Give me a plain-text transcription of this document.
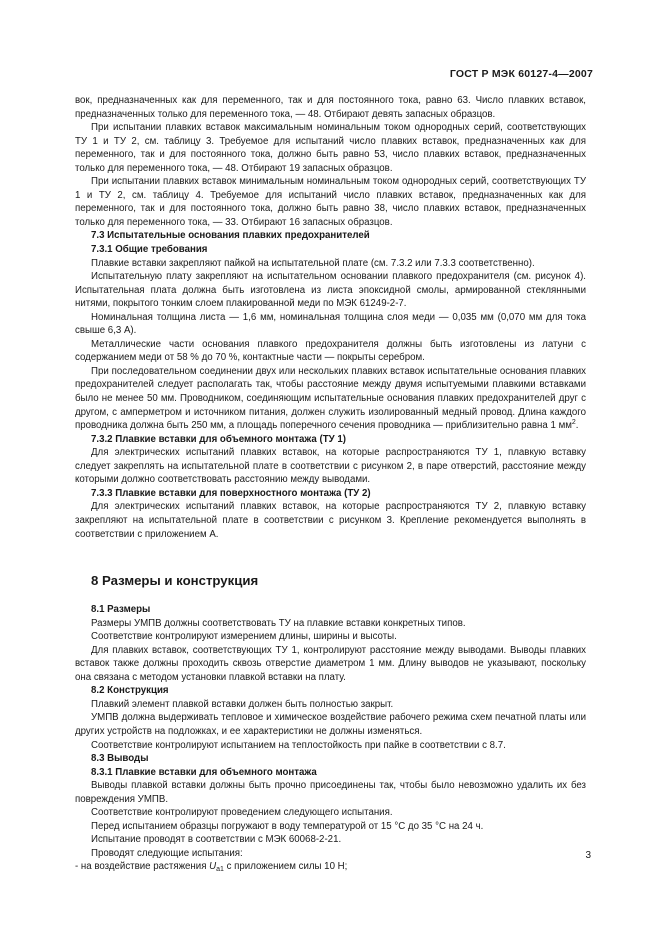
ГОСТ Р МЭК 60127-4—2007

вок, предназначенных как для переменного, так и для постоянного тока, равно 63. Число плавких вставок, предназначенных только для переменного тока, — 48. Отбирают девять запасных образцов.

При испытании плавких вставок максимальным номинальным током однородных серий, соответствующих ТУ 1 и ТУ 2, см. таблицу 3. Требуемое для испытаний число плавких вставок, предназначенных как для переменного, так и для постоянного тока, должно быть равно 53, число плавких вставок, предназначенных только для переменного тока, — 48. Отбирают 19 запасных образцов.

При испытании плавких вставок минимальным номинальным током однородных серий, соответствующих ТУ 1 и ТУ 2, см. таблицу 4. Требуемое для испытаний число плавких вставок, предназначенных как для переменного, так и для постоянного тока, должно быть равно 38, число плавких вставок, предназначенных только для переменного тока, — 33. Отбирают 16 запасных образцов.

7.3 Испытательные основания плавких предохранителей

7.3.1 Общие требования

Плавкие вставки закрепляют пайкой на испытательной плате (см. 7.3.2 или 7.3.3 соответственно).

Испытательную плату закрепляют на испытательном основании плавкого предохранителя (см. рисунок 4). Испытательная плата должна быть изготовлена из листа эпоксидной смолы, армированной стеклянными нитями, покрытого тонким слоем плакированной меди по МЭК 61249-2-7.

Номинальная толщина листа — 1,6 мм, номинальная толщина слоя меди — 0,035 мм (0,070 мм для тока свыше 6,3 А).

Металлические части основания плавкого предохранителя должны быть изготовлены из латуни с содержанием меди от 58 % до 70 %, контактные части — покрыты серебром.

При последовательном соединении двух или нескольких плавких вставок испытательные основания плавких предохранителей следует располагать так, чтобы расстояние между двумя испытуемыми плавкими вставками было не менее 50 мм. Проводником, соединяющим испытательные основания плавких предохранителей друг с другом, с амперметром и источником питания, должен служить изолированный медный провод. Длина каждого проводника должна быть 250 мм, а площадь поперечного сечения проводника — приблизительно равна 1 $мм^2$.

7.3.2 Плавкие вставки для объемного монтажа (ТУ 1)

Для электрических испытаний плавких вставок, на которые распространяются ТУ 1, плавкую вставку следует закреплять на испытательной плате в соответствии с рисунком 2, в паре отверстий, расстояние между которыми должно соответствовать расстоянию между выводами.

7.3.3 Плавкие вставки для поверхностного монтажа (ТУ 2)

Для электрических испытаний плавких вставок, на которые распространяются ТУ 2, плавкую вставку закрепляют на испытательной плате в соответствии с рисунком 3. Крепление рекомендуется выполнять в соответствии с приложением А.

8 Размеры и конструкция

8.1 Размеры

Размеры УМПВ должны соответствовать ТУ на плавкие вставки конкретных типов.

Соответствие контролируют измерением длины, ширины и высоты.

Для плавких вставок, соответствующих ТУ 1, контролируют расстояние между выводами. Выводы плавких вставок также должны проходить сквозь отверстие диаметром 1 мм. Длину выводов не указывают, поскольку она связана с методом установки плавкой вставки на плату.

8.2 Конструкция

Плавкий элемент плавкой вставки должен быть полностью закрыт.

УМПВ должна выдерживать тепловое и химическое воздействие рабочего режима схем печатной платы или других устройств на подложках, и ее характеристики не должны изменяться.

Соответствие контролируют испытанием на теплостойкость при пайке в соответствии с 8.7.

8.3 Выводы

8.3.1 Плавкие вставки для объемного монтажа

Выводы плавкой вставки должны быть прочно присоединены так, чтобы было невозможно удалить их без повреждения УМПВ.

Соответствие контролируют проведением следующего испытания.

Перед испытанием образцы погружают в воду температурой от 15 °С до 35 °С на 24 ч.

Испытание проводят в соответствии с МЭК 60068-2-21.

Проводят следующие испытания:

- на воздействие растяжения $U_{a1}$ с приложением силы 10 Н;

3
